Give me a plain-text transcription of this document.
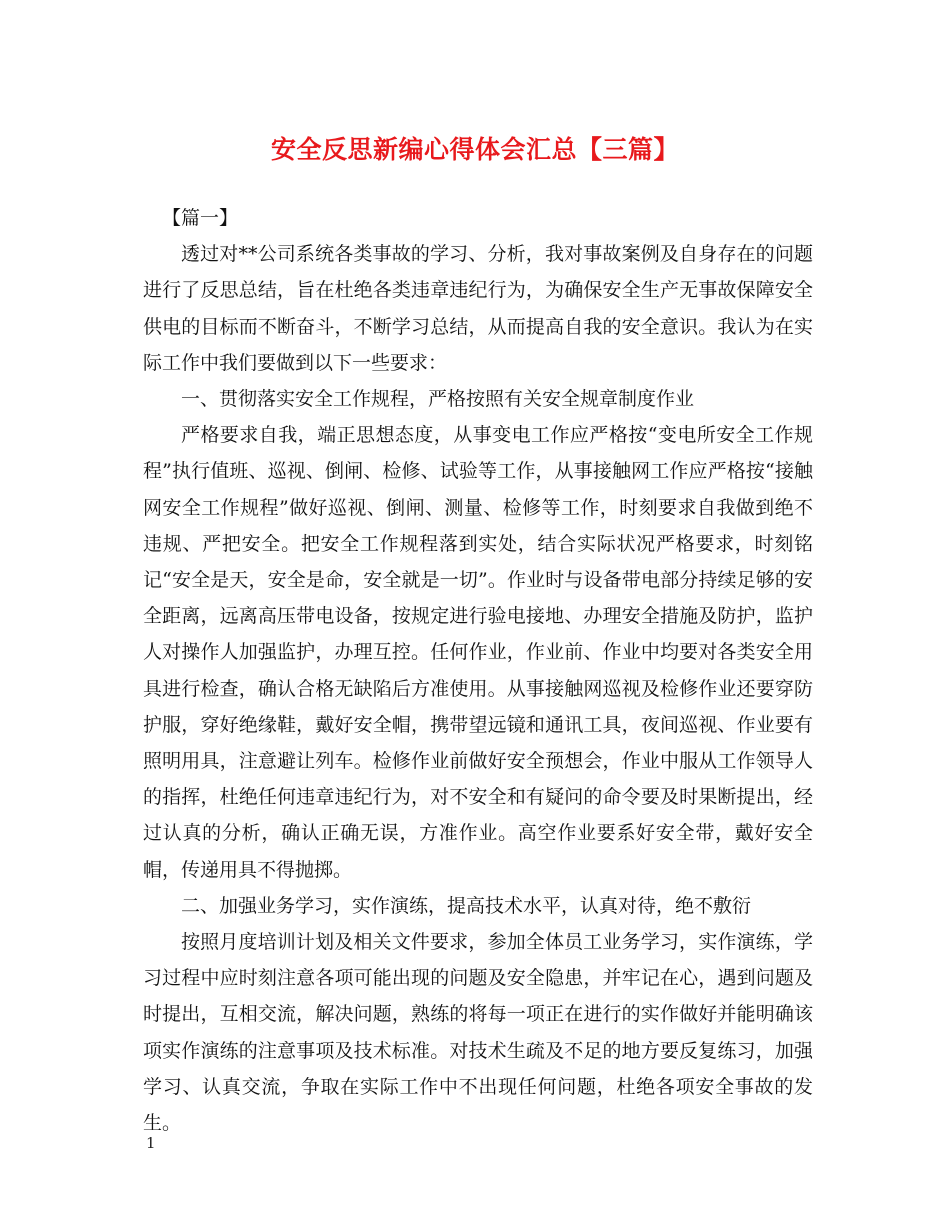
安全反思新编心得体会汇总【三篇】

【篇一】

透过对**公司系统各类事故的学习、分析，我对事故案例及自身存在的问题进行了反思总结，旨在杜绝各类违章违纪行为，为确保安全生产无事故保障安全供电的目标而不断奋斗，不断学习总结，从而提高自我的安全意识。我认为在实际工作中我们要做到以下一些要求：

一、贯彻落实安全工作规程，严格按照有关安全规章制度作业

严格要求自我，端正思想态度，从事变电工作应严格按“变电所安全工作规程”执行值班、巡视、倒闸、检修、试验等工作，从事接触网工作应严格按“接触网安全工作规程”做好巡视、倒闸、测量、检修等工作，时刻要求自我做到绝不违规、严把安全。把安全工作规程落到实处，结合实际状况严格要求，时刻铭记“安全是天，安全是命，安全就是一切”。作业时与设备带电部分持续足够的安全距离，远离高压带电设备，按规定进行验电接地、办理安全措施及防护，监护人对操作人加强监护，办理互控。任何作业，作业前、作业中均要对各类安全用具进行检查，确认合格无缺陷后方准使用。从事接触网巡视及检修作业还要穿防护服，穿好绝缘鞋，戴好安全帽，携带望远镜和通讯工具，夜间巡视、作业要有照明用具，注意避让列车。检修作业前做好安全预想会，作业中服从工作领导人的指挥，杜绝任何违章违纪行为，对不安全和有疑问的命令要及时果断提出，经过认真的分析，确认正确无误，方准作业。高空作业要系好安全带，戴好安全帽，传递用具不得抛掷。

二、加强业务学习，实作演练，提高技术水平，认真对待，绝不敷衍

按照月度培训计划及相关文件要求，参加全体员工业务学习，实作演练，学习过程中应时刻注意各项可能出现的问题及安全隐患，并牢记在心，遇到问题及时提出，互相交流，解决问题，熟练的将每一项正在进行的实作做好并能明确该项实作演练的注意事项及技术标准。对技术生疏及不足的地方要反复练习，加强学习、认真交流，争取在实际工作中不出现任何问题，杜绝各项安全事故的发生。

1
